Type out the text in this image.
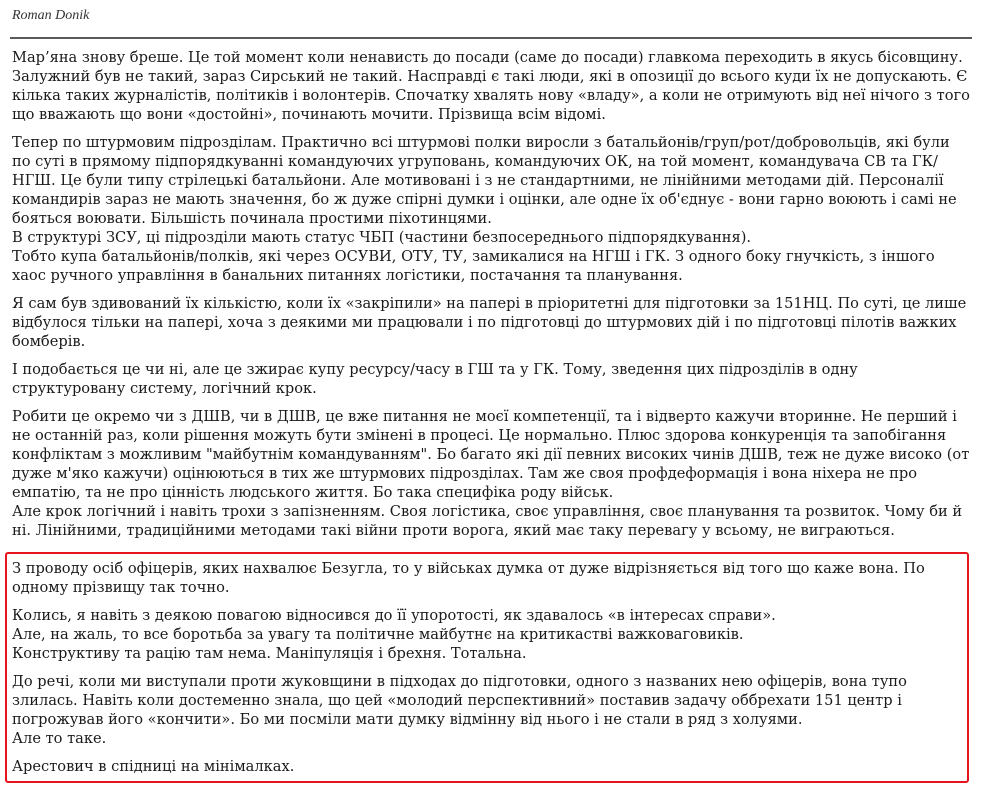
Roman Donik

Мар’яна знову бреше. Це той момент коли ненависть до посади (саме до посади) главкома переходить в якусь бісовщину.
Залужний був не такий, зараз Сирський не такий. Насправді є такі люди, які в опозиції до всього куди їх не допускають. Є кілька таких журналістів, політиків і волонтерів. Спочатку хвалять нову «владу», а коли не отримують від неї нічого з того що вважають що вони «достойні», починають мочити. Прізвища всім відомі.

Тепер по штурмовим підрозділам. Практично всі штурмові полки виросли з батальйонів/груп/рот/добровольців, які були по суті в прямому підпорядкуванні командуючих угруповань, командуючих ОК, на той момент, командувача СВ та ГК/НГШ. Це були типу стрілецькі батальйони. Але мотивовані і з не стандартними, не лінійними методами дій. Персоналії командирів зараз не мають значення, бо ж дуже спірні думки і оцінки, але одне їх об'єднує - вони гарно воюють і самі не бояться воювати. Більшість починала простими піхотинцями.
В структурі ЗСУ, ці підрозділи мають статус ЧБП (частини безпосереднього підпорядкування).
Тобто купа батальйонів/полків, які через ОСУВИ, ОТУ, ТУ, замикалися на НГШ і ГК. З одного боку гнучкість, з іншого хаос ручного управління в банальних питаннях логістики, постачання та планування.

Я сам був здивований їх кількістю, коли їх «закріпили» на папері в пріоритетні для підготовки за 151НЦ. По суті, це лише відбулося тільки на папері, хоча з деякими ми працювали і по підготовці до штурмових дій і по підготовці пілотів важких бомберів.

І подобається це чи ні, але це зжирає купу ресурсу/часу в ГШ та у ГК. Тому, зведення цих підрозділів в одну структуровану систему, логічний крок.

Робити це окремо чи з ДШВ, чи в ДШВ, це вже питання не моєї компетенції, та і відверто кажучи вторинне. Не перший і не останній раз, коли рішення можуть бути змінені в процесі. Це нормально. Плюс здорова конкуренція та запобігання конфліктам з можливим "майбутнім командуванням". Бо багато які дії певних високих чинів ДШВ, теж не дуже високо (от дуже м'яко кажучи) оцінюються в тих же штурмових підрозділах. Там же своя профдеформація і вона ніхера не про емпатію, та не про цінність людського життя. Бо така специфіка роду військ.
Але крок логічний і навіть трохи з запізненням. Своя логістика, своє управління, своє планування та розвиток. Чому би й ні. Лінійними, традиційними методами такі війни проти ворога, який має таку перевагу у всьому, не виграються.

З проводу осіб офіцерів, яких нахвалює Безугла, то у військах думка от дуже відрізняється від того що каже вона. По одному прізвищу так точно.

Колись, я навіть з деякою повагою відносився до її упоротості, як здавалось «в інтересах справи».
Але, на жаль, то все боротьба за увагу та політичне майбутнє на критикастві важковаговиків.
Конструктиву та рацію там нема. Маніпуляція і брехня. Тотальна.

До речі, коли ми виступали проти жуковщини в підходах до підготовки, одного з названих нею офіцерів, вона тупо злилась. Навіть коли достеменно знала, що цей «молодий перспективний» поставив задачу оббрехати 151 центр і погрожував його «кончити». Бо ми посміли мати думку відмінну від нього і не стали в ряд з холуями.
Але то таке.

Арестович в спідниці на мінімалках.
